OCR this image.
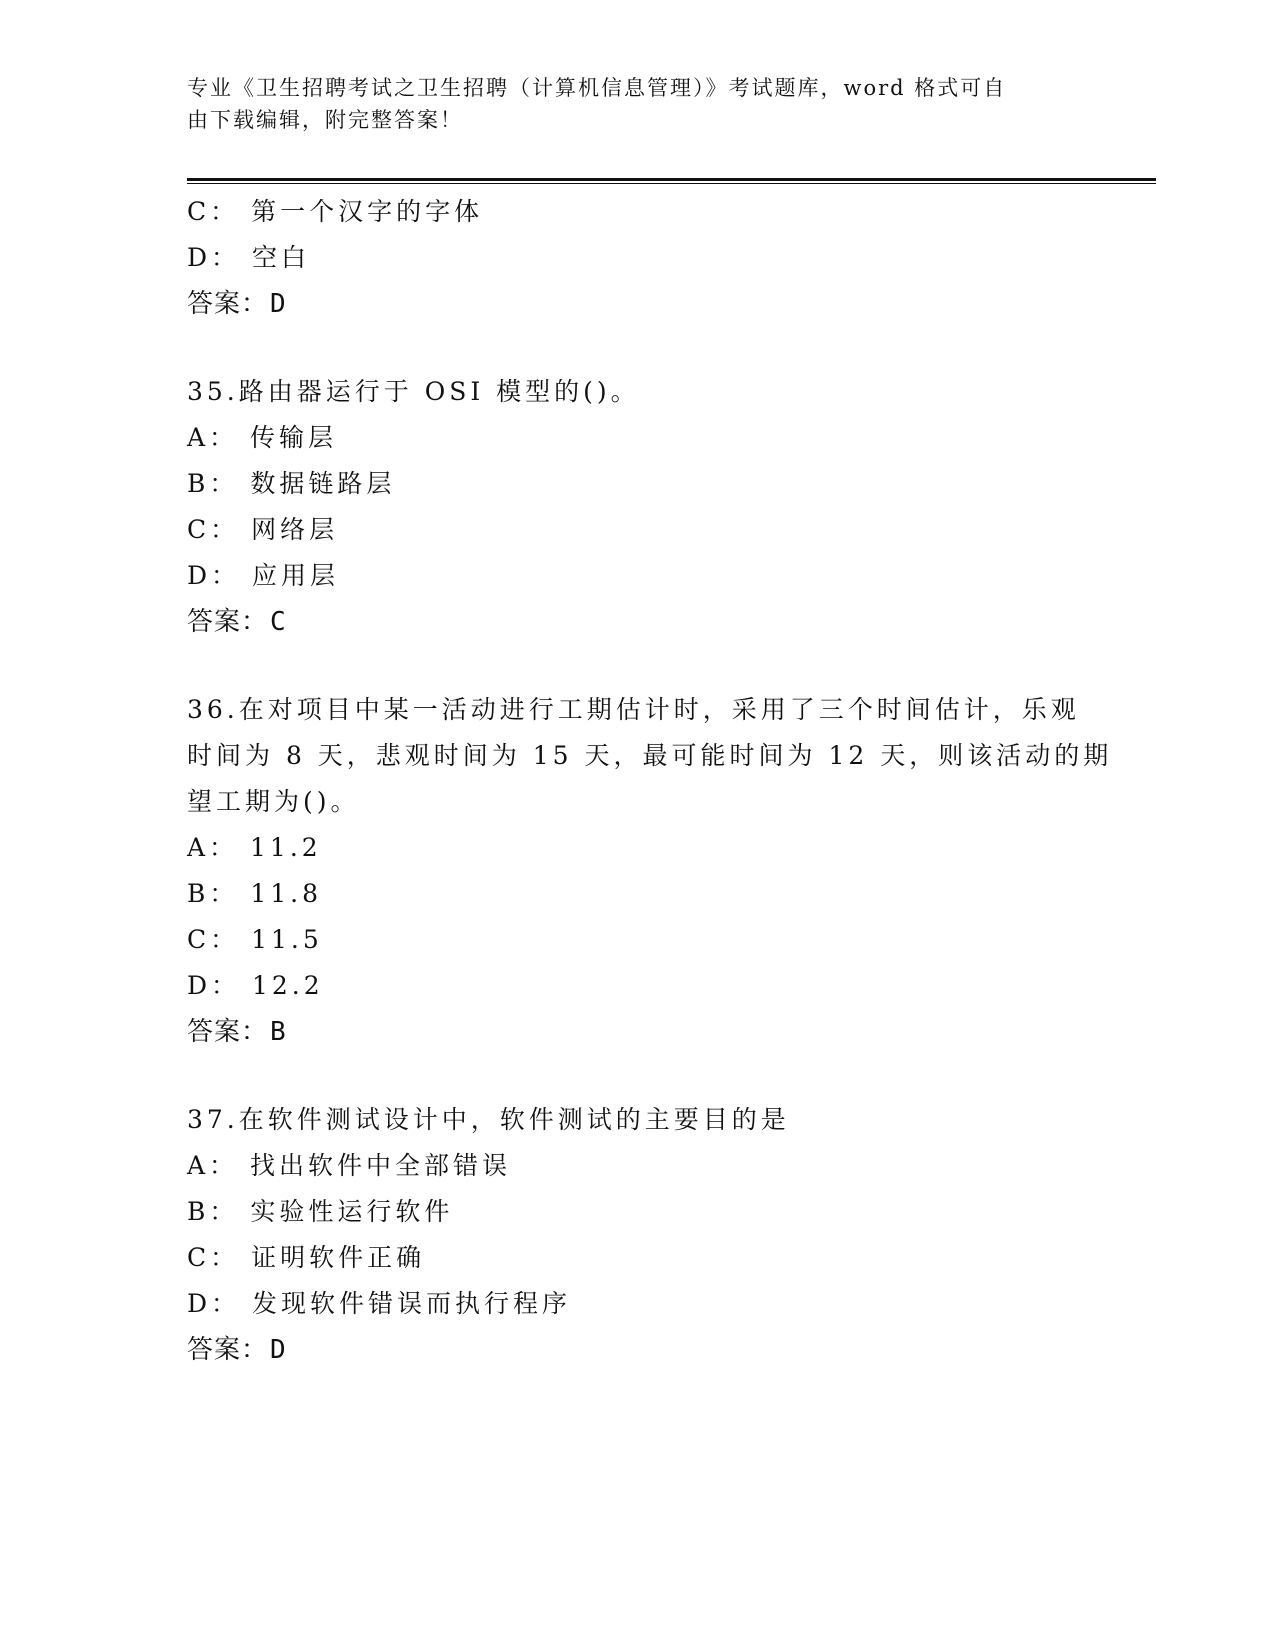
专业《卫生招聘考试之卫生招聘（计算机信息管理）》考试题库，word 格式可自
由下载编辑，附完整答案！
C： 第一个汉字的字体
D： 空白
答案：D
35.路由器运行于 OSI 模型的()。
A： 传输层
B： 数据链路层
C： 网络层
D： 应用层
答案：C
36.在对项目中某一活动进行工期估计时，采用了三个时间估计，乐观
时间为 8 天，悲观时间为 15 天，最可能时间为 12 天，则该活动的期
望工期为()。
A： 11.2
B： 11.8
C： 11.5
D： 12.2
答案：B
37.在软件测试设计中，软件测试的主要目的是
A： 找出软件中全部错误
B： 实验性运行软件
C： 证明软件正确
D： 发现软件错误而执行程序
答案：D
